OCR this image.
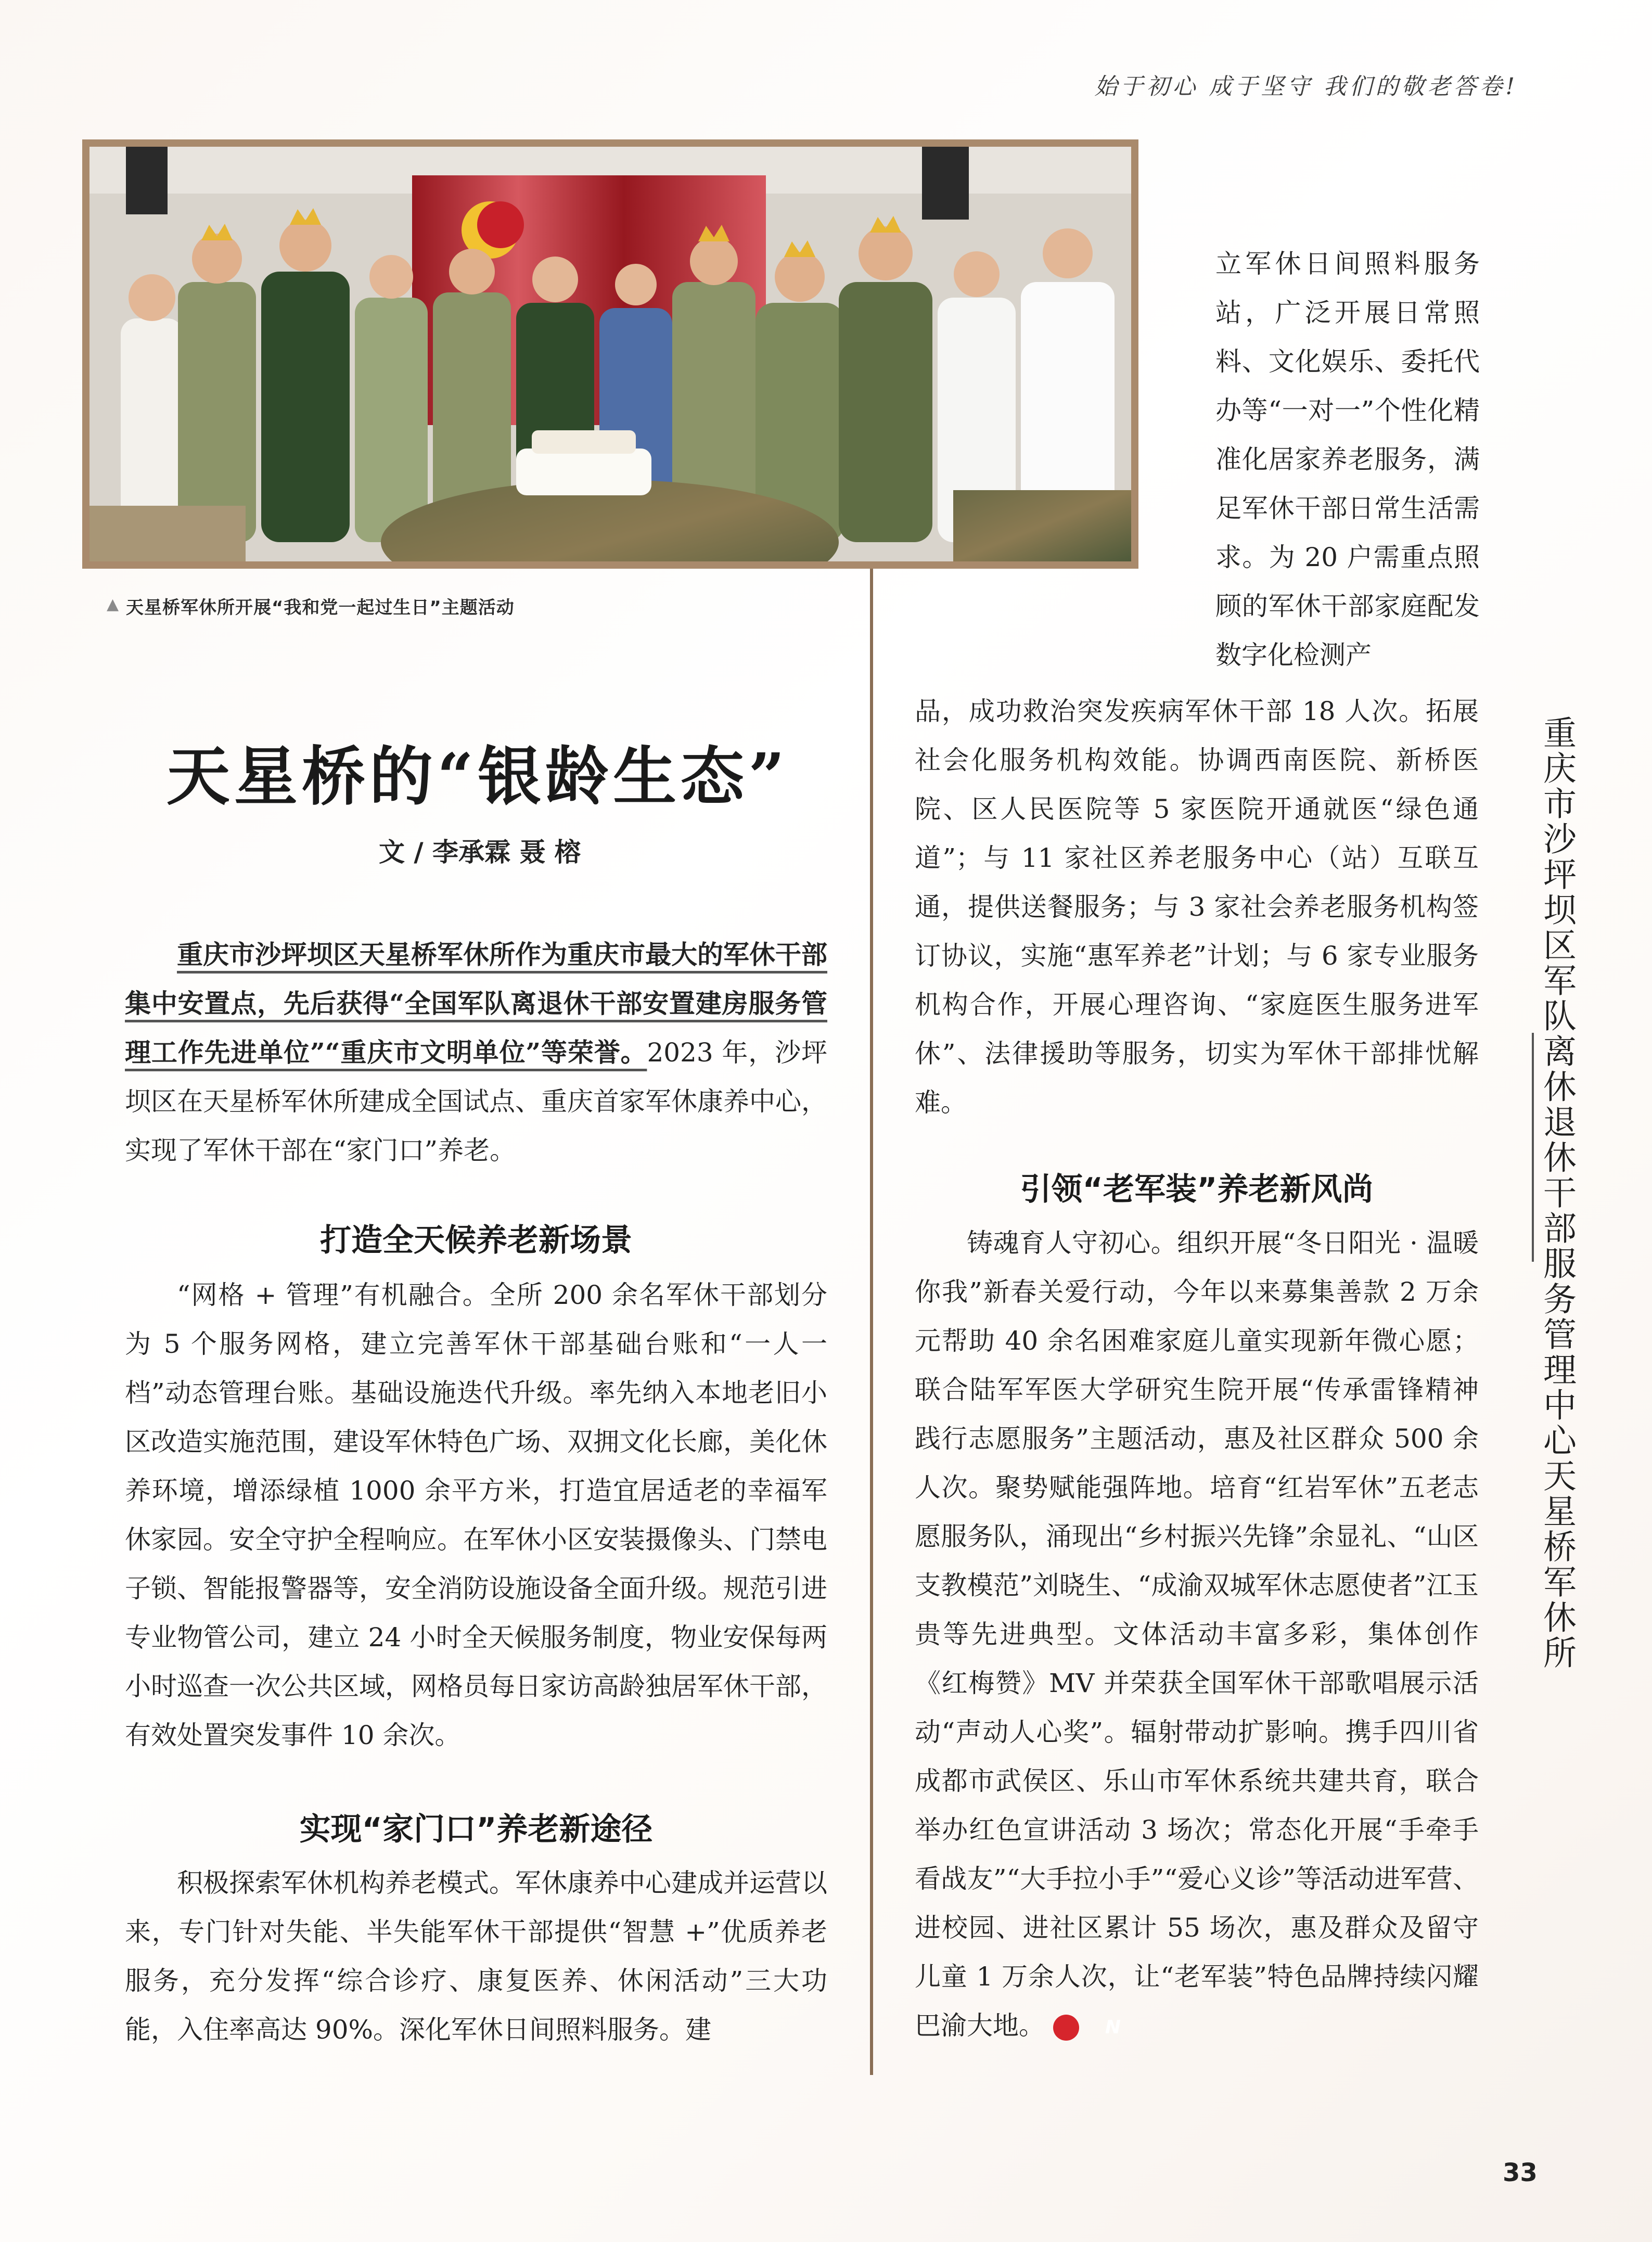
始于初心 成于坚守 我们的敬老答卷!
▲ 天星桥军休所开展“我和党一起过生日”主题活动
天星桥的“银龄生态”
文 / 李承霖 聂 榕

重庆市沙坪坝区天星桥军休所作为重庆市最大的军休干部集中安置点，先后获得“全国军队离退休干部安置建房服务管理工作先进单位”“重庆市文明单位”等荣誉。2023 年，沙坪坝区在天星桥军休所建成全国试点、重庆首家军休康养中心，实现了军休干部在“家门口”养老。

打造全天候养老新场景

“网格 + 管理”有机融合。全所 200 余名军休干部划分为 5 个服务网格，建立完善军休干部基础台账和“一人一档”动态管理台账。基础设施迭代升级。率先纳入本地老旧小区改造实施范围，建设军休特色广场、双拥文化长廊，美化休养环境，增添绿植 1000 余平方米，打造宜居适老的幸福军休家园。安全守护全程响应。在军休小区安装摄像头、门禁电子锁、智能报警器等，安全消防设施设备全面升级。规范引进专业物管公司，建立 24 小时全天候服务制度，物业安保每两小时巡查一次公共区域，网格员每日家访高龄独居军休干部，有效处置突发事件 10 余次。

实现“家门口”养老新途径

积极探索军休机构养老模式。军休康养中心建成并运营以来，专门针对失能、半失能军休干部提供“智慧 +”优质养老服务，充分发挥“综合诊疗、康复医养、休闲活动”三大功能，入住率高达 90%。深化军休日间照料服务。建

立军休日间照料服务站，广泛开展日常照料、文化娱乐、委托代办等“一对一”个性化精准化居家养老服务，满足军休干部日常生活需求。为 20 户需重点照顾的军休干部家庭配发数字化检测产

品，成功救治突发疾病军休干部 18 人次。拓展社会化服务机构效能。协调西南医院、新桥医院、区人民医院等 5 家医院开通就医“绿色通道”；与 11 家社区养老服务中心（站）互联互通，提供送餐服务；与 3 家社会养老服务机构签订协议，实施“惠军养老”计划；与 6 家专业服务机构合作，开展心理咨询、“家庭医生服务进军休”、法律援助等服务，切实为军休干部排忧解难。

引领“老军装”养老新风尚

铸魂育人守初心。组织开展“冬日阳光 · 温暖你我”新春关爱行动，今年以来募集善款 2 万余元帮助 40 余名困难家庭儿童实现新年微心愿；联合陆军军医大学研究生院开展“传承雷锋精神 践行志愿服务”主题活动，惠及社区群众 500 余人次。聚势赋能强阵地。培育“红岩军休”五老志愿服务队，涌现出“乡村振兴先锋”余显礼、“山区支教模范”刘晓生、“成渝双城军休志愿使者”江玉贵等先进典型。文体活动丰富多彩，集体创作《红梅赞》MV 并荣获全国军休干部歌唱展示活动“声动人心奖”。辐射带动扩影响。携手四川省成都市武侯区、乐山市军休系统共建共育，联合举办红色宣讲活动 3 场次；常态化开展“手牵手看战友”“大手拉小手”“爱心义诊”等活动进军营、进校园、进社区累计 55 场次，惠及群众及留守儿童 1 万余人次，让“老军装”特色品牌持续闪耀巴渝大地。	N

重庆市沙坪坝区军队离休退休干部服务管理中心天星桥军休所
33
